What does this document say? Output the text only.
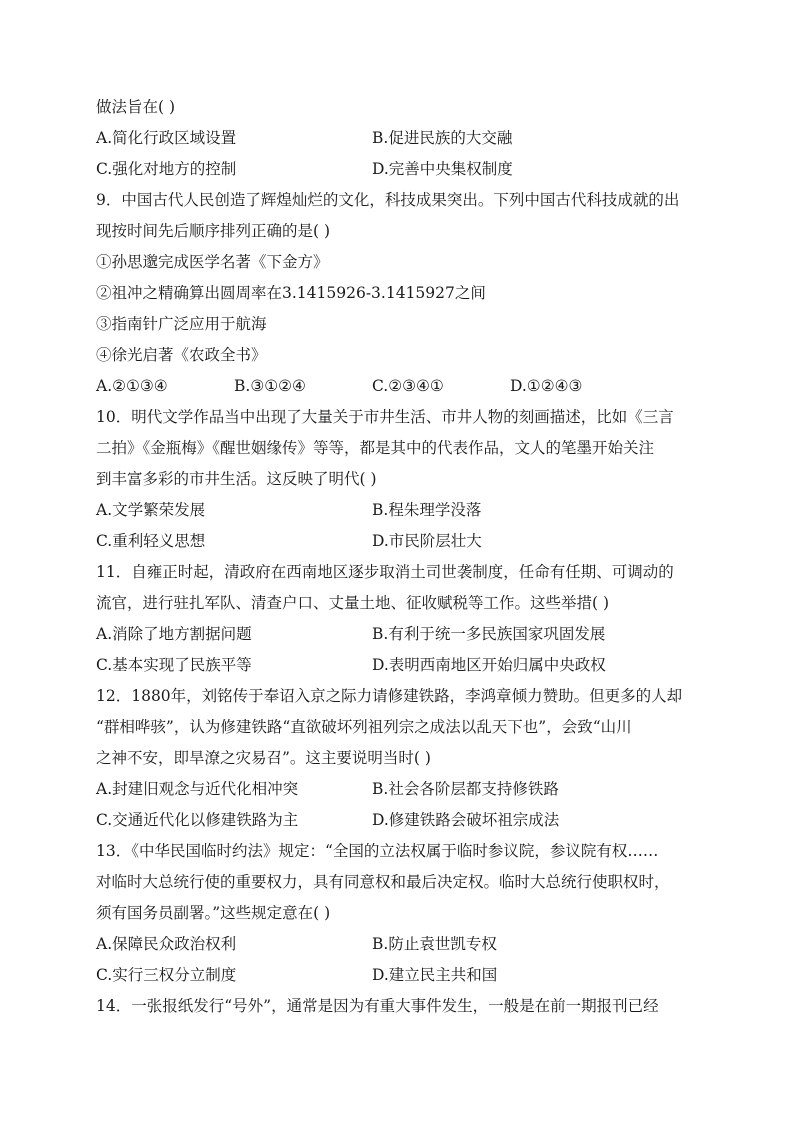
做法旨在( )
A.简化行政区域设置	B.促进民族的大交融
C.强化对地方的控制	D.完善中央集权制度
9．中国古代人民创造了辉煌灿烂的文化，科技成果突出。下列中国古代科技成就的出
现按时间先后顺序排列正确的是( )
①孙思邈完成医学名著《下金方》
②祖冲之精确算出圆周率在3.1415926-3.1415927之间
③指南针广泛应用于航海
④徐光启著《农政全书》
A.②①③④	B.③①②④	C.②③④①	D.①②④③
10．明代文学作品当中出现了大量关于市井生活、市井人物的刻画描述，比如《三言
二拍》《金瓶梅》《醒世姻缘传》等等，都是其中的代表作品，文人的笔墨开始关注
到丰富多彩的市井生活。这反映了明代( )
A.文学繁荣发展	B.程朱理学没落
C.重利轻义思想	D.市民阶层壮大
11．自雍正时起，清政府在西南地区逐步取消土司世袭制度，任命有任期、可调动的
流官，进行驻扎军队、清查户口、丈量土地、征收赋税等工作。这些举措( )
A.消除了地方割据问题	B.有利于统一多民族国家巩固发展
C.基本实现了民族平等	D.表明西南地区开始归属中央政权
12．1880年，刘铭传于奉诏入京之际力请修建铁路，李鸿章倾力赞助。但更多的人却
“群相哗骇”，认为修建铁路“直欲破坏列祖列宗之成法以乱天下也”，会致“山川
之神不安，即旱潦之灾易召”。这主要说明当时( )
A.封建旧观念与近代化相冲突	B.社会各阶层都支持修铁路
C.交通近代化以修建铁路为主	D.修建铁路会破坏祖宗成法
13．《中华民国临时约法》规定：“全国的立法权属于临时参议院，参议院有权……
对临时大总统行使的重要权力，具有同意权和最后决定权。临时大总统行使职权时，
须有国务员副署。”这些规定意在( )
A.保障民众政治权利	B.防止袁世凯专权
C.实行三权分立制度	D.建立民主共和国
14．一张报纸发行“号外”，通常是因为有重大事件发生，一般是在前一期报刊已经
